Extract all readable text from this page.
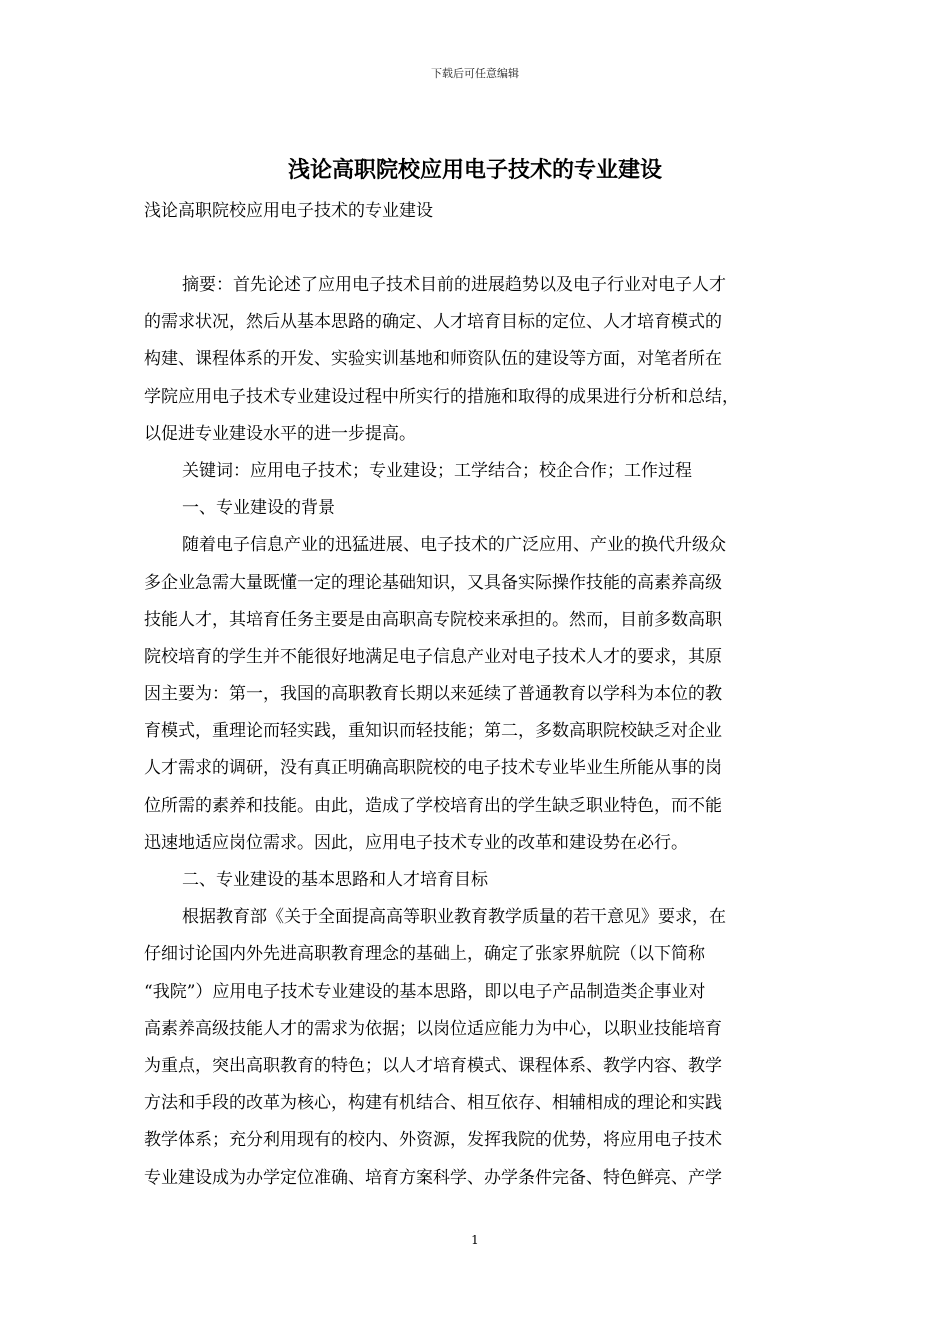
下载后可任意编辑
浅论高职院校应用电子技术的专业建设
浅论高职院校应用电子技术的专业建设
摘要：首先论述了应用电子技术目前的进展趋势以及电子行业对电子人才
的需求状况，然后从基本思路的确定、人才培育目标的定位、人才培育模式的
构建、课程体系的开发、实验实训基地和师资队伍的建设等方面，对笔者所在
学院应用电子技术专业建设过程中所实行的措施和取得的成果进行分析和总结，
以促进专业建设水平的进一步提高。
关键词：应用电子技术；专业建设；工学结合；校企合作；工作过程
一、专业建设的背景
随着电子信息产业的迅猛进展、电子技术的广泛应用、产业的换代升级众
多企业急需大量既懂一定的理论基础知识，又具备实际操作技能的高素养高级
技能人才，其培育任务主要是由高职高专院校来承担的。然而，目前多数高职
院校培育的学生并不能很好地满足电子信息产业对电子技术人才的要求，其原
因主要为：第一，我国的高职教育长期以来延续了普通教育以学科为本位的教
育模式，重理论而轻实践，重知识而轻技能；第二，多数高职院校缺乏对企业
人才需求的调研，没有真正明确高职院校的电子技术专业毕业生所能从事的岗
位所需的素养和技能。由此，造成了学校培育出的学生缺乏职业特色，而不能
迅速地适应岗位需求。因此，应用电子技术专业的改革和建设势在必行。
二、专业建设的基本思路和人才培育目标
根据教育部《关于全面提高高等职业教育教学质量的若干意见》要求，在
仔细讨论国内外先进高职教育理念的基础上，确定了张家界航院（以下简称
“我院”）应用电子技术专业建设的基本思路，即以电子产品制造类企事业对
高素养高级技能人才的需求为依据；以岗位适应能力为中心，以职业技能培育
为重点，突出高职教育的特色；以人才培育模式、课程体系、教学内容、教学
方法和手段的改革为核心，构建有机结合、相互依存、相辅相成的理论和实践
教学体系；充分利用现有的校内、外资源，发挥我院的优势，将应用电子技术
专业建设成为办学定位准确、培育方案科学、办学条件完备、特色鲜亮、产学
1
